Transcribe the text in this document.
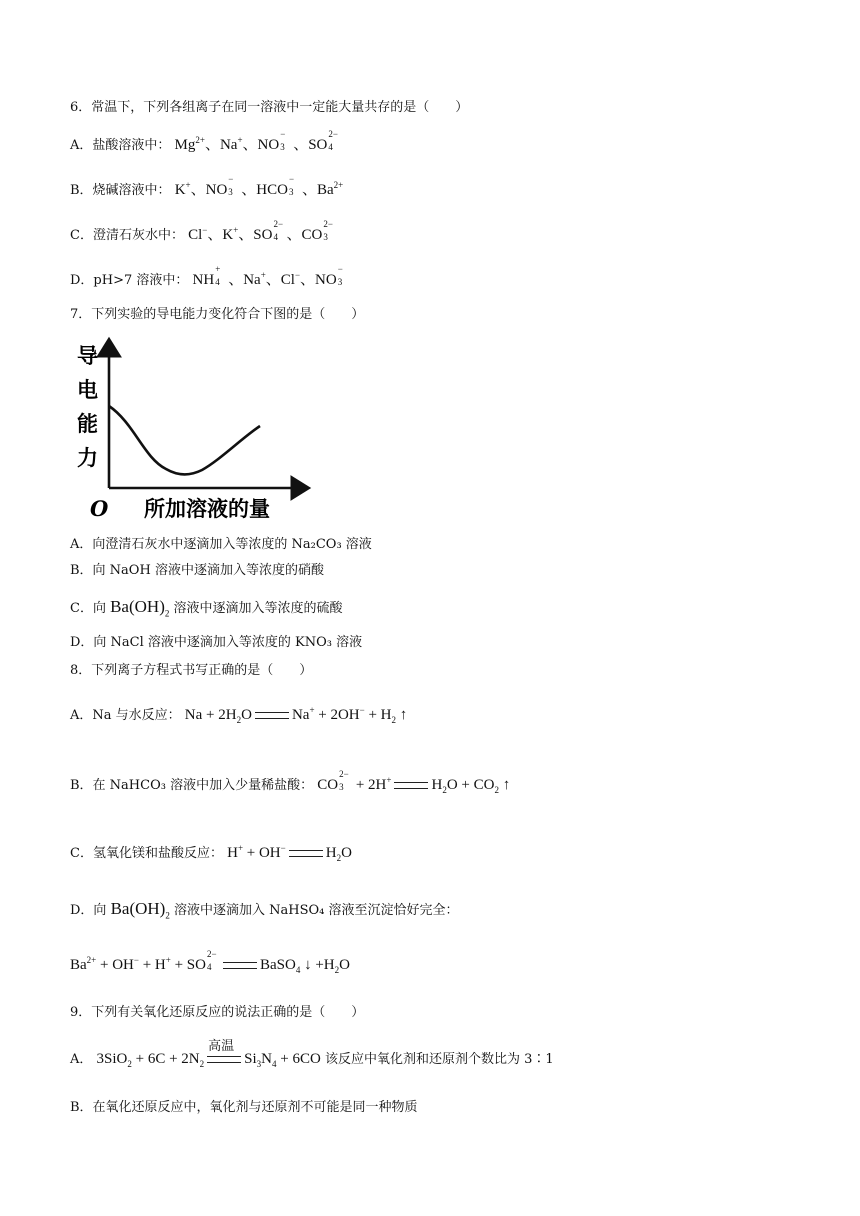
6．常温下，下列各组离子在同一溶液中一定能大量共存的是（　　）
A．盐酸溶液中： $Mg^{2+}$、Na+、NO
−
3 、SO
2−
4
B．烧碱溶液中： K+、NO
−
3 、HCO
−
3 、$Ba^{2+}$
C．澄清石灰水中： Cl−、K+、SO
2−
4 、CO
2−
3
D．pH>7 溶液中： NH
+
4 、Na+、Cl−、NO
−
3
7．下列实验的导电能力变化符合下图的是（　　）
导
电
能
力
O 所加溶液的量
A．向澄清石灰水中逐滴加入等浓度的 Na₂CO₃ 溶液
B．向 NaOH 溶液中逐滴加入等浓度的硝酸
C．向 $Ba(OH)_2$ 溶液中逐滴加入等浓度的硫酸
D．向 NaCl 溶液中逐滴加入等浓度的 KNO₃ 溶液
8．下列离子方程式书写正确的是（　　）
A．Na 与水反应： $Na + 2H_2O$	$Na^+ + 2OH^- + H_2$ ↑
B．在 NaHCO₃ 溶液中加入少量稀盐酸： CO
2−
3 + 2H+	$H_2O + CO_2$ ↑
C．氢氧化镁和盐酸反应： H+ + OH−	$H_2O$
D．向 $Ba(OH)_2$ 溶液中逐滴加入 NaHSO₄ 溶液至沉淀恰好完全：
$Ba^{2+} + OH^- + H^+$ + SO
2−
4	BaSO$_4$ ↓ $+H_2O$
9．下列有关氧化还原反应的说法正确的是（　　）
A． $3SiO_2 + 6C + 2N_2$
高温
$Si_3N_4 + 6CO$ 该反应中氧化剂和还原剂个数比为 3∶1
B．在氧化还原反应中，氧化剂与还原剂不可能是同一种物质
